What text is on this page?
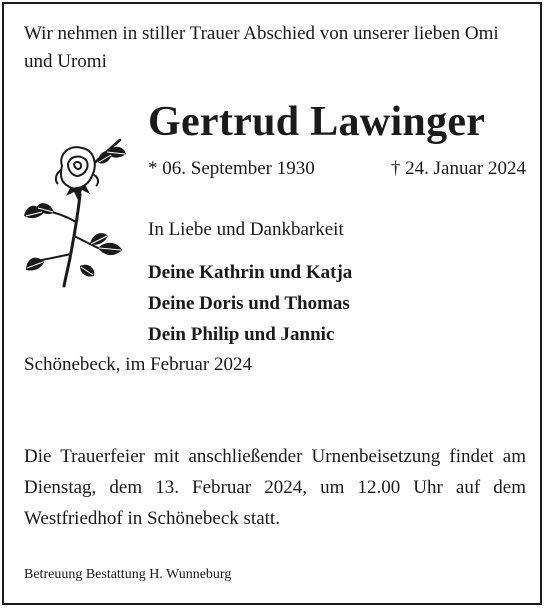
Wir nehmen in stiller Trauer Abschied von unserer lieben Omi und Uromi
Gertrud Lawinger
* 06. September 1930	† 24. Januar 2024
In Liebe und Dankbarkeit
Deine Kathrin und Katja
Deine Doris und Thomas
Dein Philip und Jannic
Schönebeck, im Februar 2024
Die Trauerfeier mit anschließender Urnenbeisetzung findet am Dienstag, dem 13. Februar 2024, um 12.00 Uhr auf dem Westfriedhof in Schönebeck statt.
Betreuung Bestattung H. Wunneburg
